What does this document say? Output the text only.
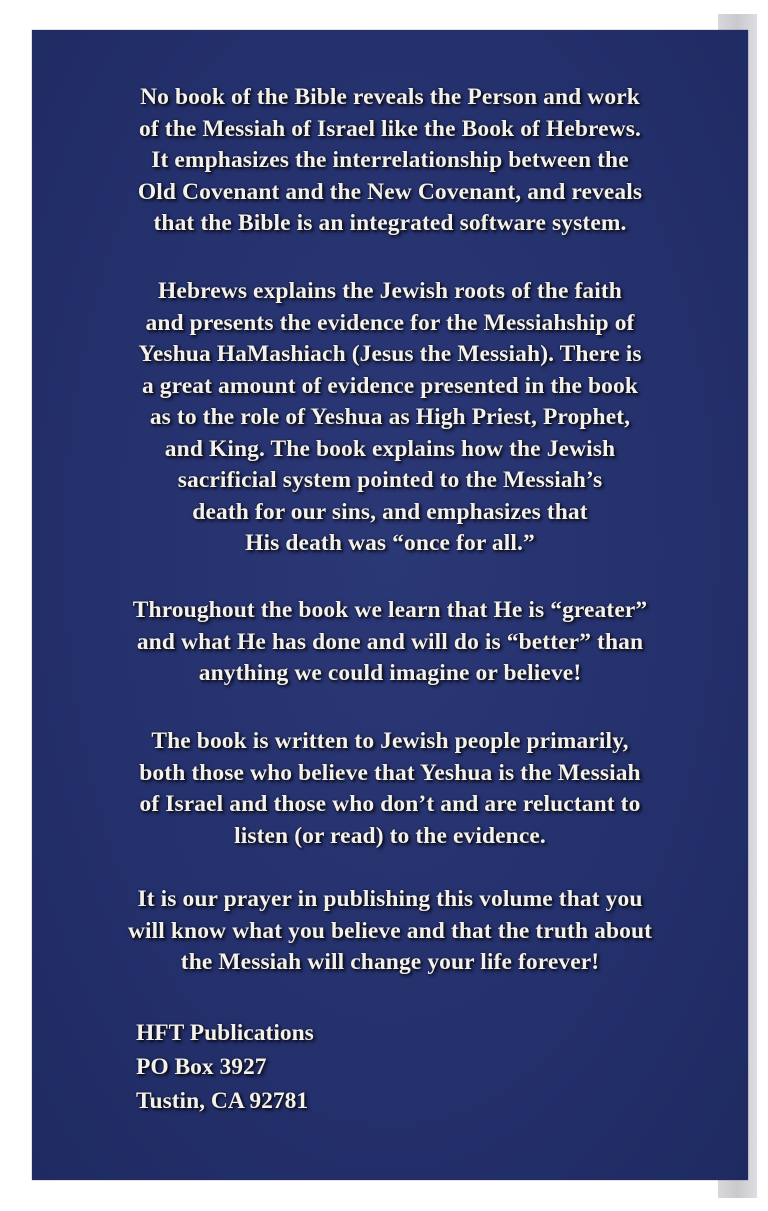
No book of the Bible reveals the Person and work
of the Messiah of Israel like the Book of Hebrews.
It emphasizes the interrelationship between the
Old Covenant and the New Covenant, and reveals
that the Bible is an integrated software system.
Hebrews explains the Jewish roots of the faith
and presents the evidence for the Messiahship of
Yeshua HaMashiach (Jesus the Messiah). There is
a great amount of evidence presented in the book
as to the role of Yeshua as High Priest, Prophet,
and King. The book explains how the Jewish
sacrificial system pointed to the Messiah’s
death for our sins, and emphasizes that
His death was “once for all.”
Throughout the book we learn that He is “greater”
and what He has done and will do is “better” than
anything we could imagine or believe!
The book is written to Jewish people primarily,
both those who believe that Yeshua is the Messiah
of Israel and those who don’t and are reluctant to
listen (or read) to the evidence.
It is our prayer in publishing this volume that you
will know what you believe and that the truth about
the Messiah will change your life forever!
HFT Publications
PO Box 3927
Tustin, CA 92781
